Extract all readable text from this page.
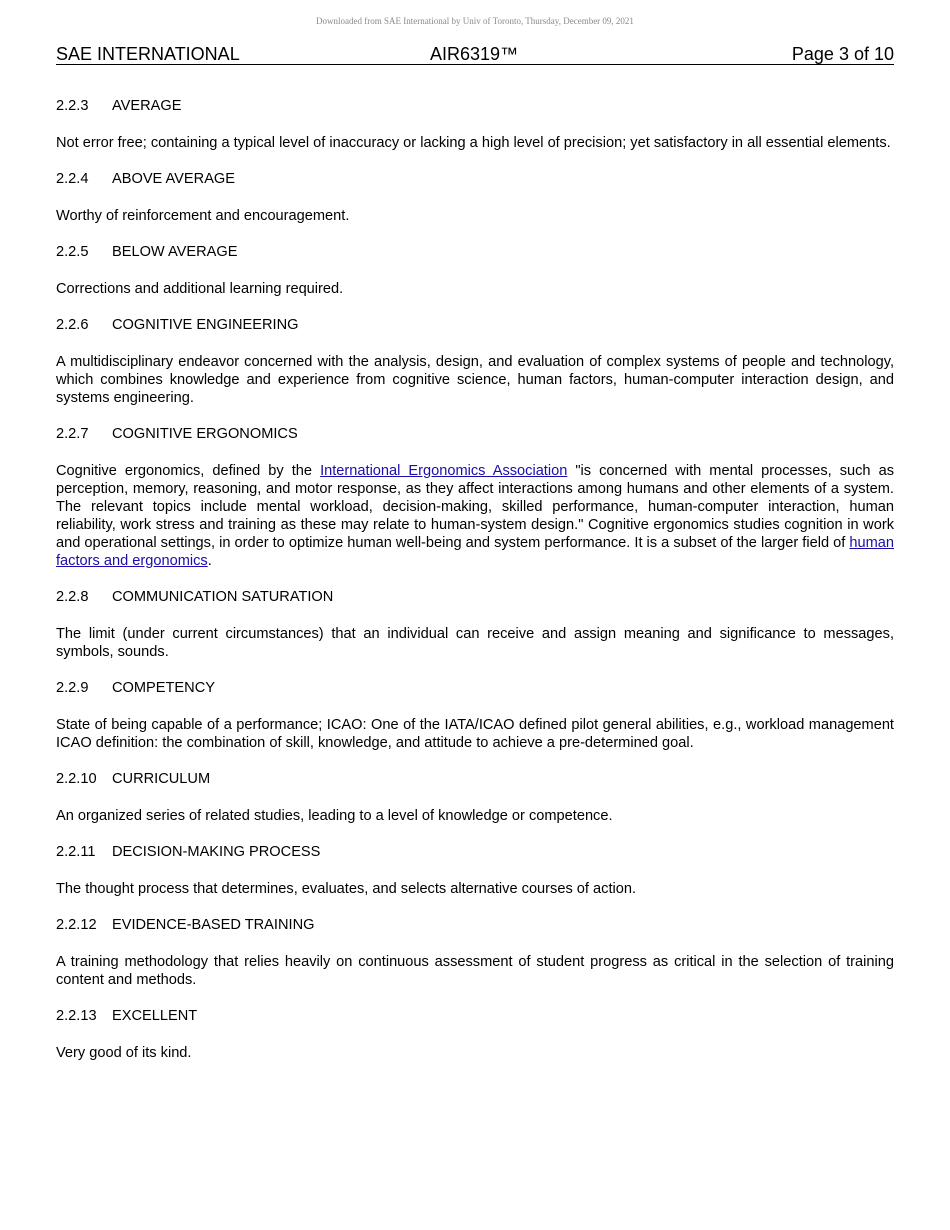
Downloaded from SAE International by Univ of Toronto, Thursday, December 09, 2021
SAE INTERNATIONAL	AIR6319™	Page 3 of 10
2.2.3 AVERAGE

Not error free; containing a typical level of inaccuracy or lacking a high level of precision; yet satisfactory in all essential elements.

2.2.4 ABOVE AVERAGE

Worthy of reinforcement and encouragement.

2.2.5 BELOW AVERAGE

Corrections and additional learning required.

2.2.6 COGNITIVE ENGINEERING

A multidisciplinary endeavor concerned with the analysis, design, and evaluation of complex systems of people and technology, which combines knowledge and experience from cognitive science, human factors, human-computer interaction design, and systems engineering.

2.2.7 COGNITIVE ERGONOMICS

Cognitive ergonomics, defined by the International Ergonomics Association "is concerned with mental processes, such as perception, memory, reasoning, and motor response, as they affect interactions among humans and other elements of a system. The relevant topics include mental workload, decision-making, skilled performance, human-computer interaction, human reliability, work stress and training as these may relate to human-system design." Cognitive ergonomics studies cognition in work and operational settings, in order to optimize human well-being and system performance. It is a subset of the larger field of human factors and ergonomics.

2.2.8 COMMUNICATION SATURATION

The limit (under current circumstances) that an individual can receive and assign meaning and significance to messages, symbols, sounds.

2.2.9 COMPETENCY

State of being capable of a performance; ICAO: One of the IATA/ICAO defined pilot general abilities, e.g., workload management ICAO definition: the combination of skill, knowledge, and attitude to achieve a pre-determined goal.

2.2.10 CURRICULUM

An organized series of related studies, leading to a level of knowledge or competence.

2.2.11 DECISION-MAKING PROCESS

The thought process that determines, evaluates, and selects alternative courses of action.

2.2.12 EVIDENCE-BASED TRAINING

A training methodology that relies heavily on continuous assessment of student progress as critical in the selection of training content and methods.

2.2.13 EXCELLENT

Very good of its kind.
